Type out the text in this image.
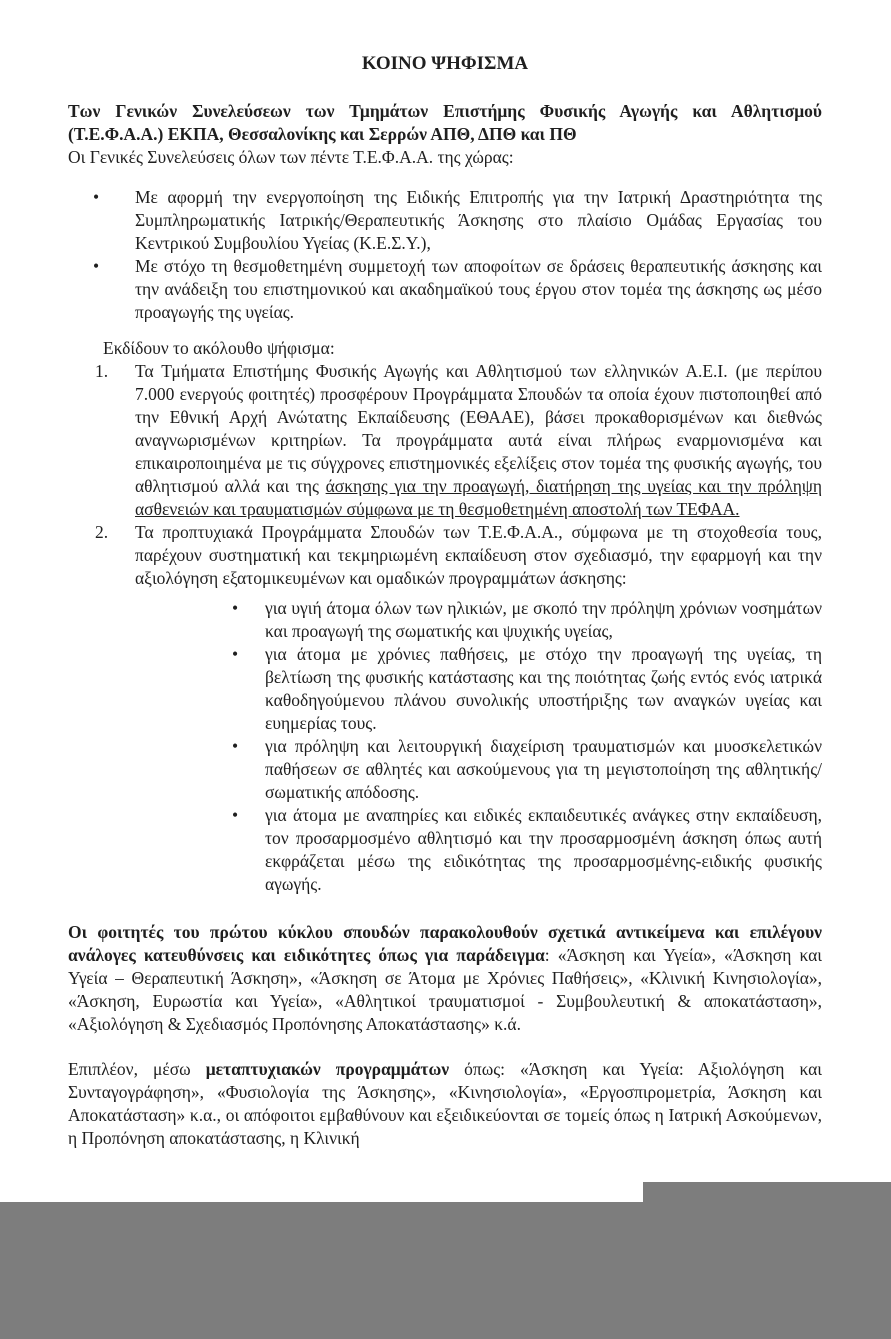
ΚΟΙΝΟ ΨΗΦΙΣΜΑ

Των Γενικών Συνελεύσεων των Τμημάτων Επιστήμης Φυσικής Αγωγής και Αθλητισμού (Τ.Ε.Φ.Α.Α.) ΕΚΠΑ, Θεσσαλονίκης και Σερρών ΑΠΘ, ΔΠΘ και ΠΘ

Οι Γενικές Συνελεύσεις όλων των πέντε Τ.Ε.Φ.Α.Α. της χώρας:

• Με αφορμή την ενεργοποίηση της Ειδικής Επιτροπής για την Ιατρική Δραστηριότητα της Συμπληρωματικής Ιατρικής/Θεραπευτικής Άσκησης στο πλαίσιο Ομάδας Εργασίας του Κεντρικού Συμβουλίου Υγείας (Κ.Ε.Σ.Υ.),
• Με στόχο τη θεσμοθετημένη συμμετοχή των αποφοίτων σε δράσεις θεραπευτικής άσκησης και την ανάδειξη του επιστημονικού και ακαδημαϊκού τους έργου στον τομέα της άσκησης ως μέσο προαγωγής της υγείας.

Εκδίδουν το ακόλουθο ψήφισμα:

1. Τα Τμήματα Επιστήμης Φυσικής Αγωγής και Αθλητισμού των ελληνικών Α.Ε.Ι. (με περίπου 7.000 ενεργούς φοιτητές) προσφέρουν Προγράμματα Σπουδών τα οποία έχουν πιστοποιηθεί από την Εθνική Αρχή Ανώτατης Εκπαίδευσης (ΕΘΑΑΕ), βάσει προκαθορισμένων και διεθνώς αναγνωρισμένων κριτηρίων. Τα προγράμματα αυτά είναι πλήρως εναρμονισμένα και επικαιροποιημένα με τις σύγχρονες επιστημονικές εξελίξεις στον τομέα της φυσικής αγωγής, του αθλητισμού αλλά και της άσκησης για την προαγωγή, διατήρηση της υγείας και την πρόληψη ασθενειών και τραυματισμών σύμφωνα με τη θεσμοθετημένη αποστολή των ΤΕΦΑΑ.
2. Τα προπτυχιακά Προγράμματα Σπουδών των Τ.Ε.Φ.Α.Α., σύμφωνα με τη στοχοθεσία τους, παρέχουν συστηματική και τεκμηριωμένη εκπαίδευση στον σχεδιασμό, την εφαρμογή και την αξιολόγηση εξατομικευμένων και ομαδικών προγραμμάτων άσκησης:
• για υγιή άτομα όλων των ηλικιών, με σκοπό την πρόληψη χρόνιων νοσημάτων και προαγωγή της σωματικής και ψυχικής υγείας,
• για άτομα με χρόνιες παθήσεις, με στόχο την προαγωγή της υγείας, τη βελτίωση της φυσικής κατάστασης και της ποιότητας ζωής εντός ενός ιατρικά καθοδηγούμενου πλάνου συνολικής υποστήριξης των αναγκών υγείας και ευημερίας τους.
• για πρόληψη και λειτουργική διαχείριση τραυματισμών και μυοσκελετικών παθήσεων σε αθλητές και ασκούμενους για τη μεγιστοποίηση της αθλητικής/σωματικής απόδοσης.
• για άτομα με αναπηρίες και ειδικές εκπαιδευτικές ανάγκες στην εκπαίδευση, τον προσαρμοσμένο αθλητισμό και την προσαρμοσμένη άσκηση όπως αυτή εκφράζεται μέσω της ειδικότητας της προσαρμοσμένης-ειδικής φυσικής αγωγής.

Οι φοιτητές του πρώτου κύκλου σπουδών παρακολουθούν σχετικά αντικείμενα και επιλέγουν ανάλογες κατευθύνσεις και ειδικότητες όπως για παράδειγμα: «Άσκηση και Υγεία», «Άσκηση και Υγεία – Θεραπευτική Άσκηση», «Άσκηση σε Άτομα με Χρόνιες Παθήσεις», «Κλινική Κινησιολογία», «Άσκηση, Ευρωστία και Υγεία», «Αθλητικοί τραυματισμοί - Συμβουλευτική & αποκατάσταση», «Αξιολόγηση & Σχεδιασμός Προπόνησης Αποκατάστασης» κ.ά.

Επιπλέον, μέσω μεταπτυχιακών προγραμμάτων όπως: «Άσκηση και Υγεία: Αξιολόγηση και Συνταγογράφηση», «Φυσιολογία της Άσκησης», «Κινησιολογία», «Εργοσπιρομετρία, Άσκηση και Αποκατάσταση» κ.α., οι απόφοιτοι εμβαθύνουν και εξειδικεύονται σε τομείς όπως η Ιατρική Ασκούμενων, η Προπόνηση αποκατάστασης, η Κλινική
